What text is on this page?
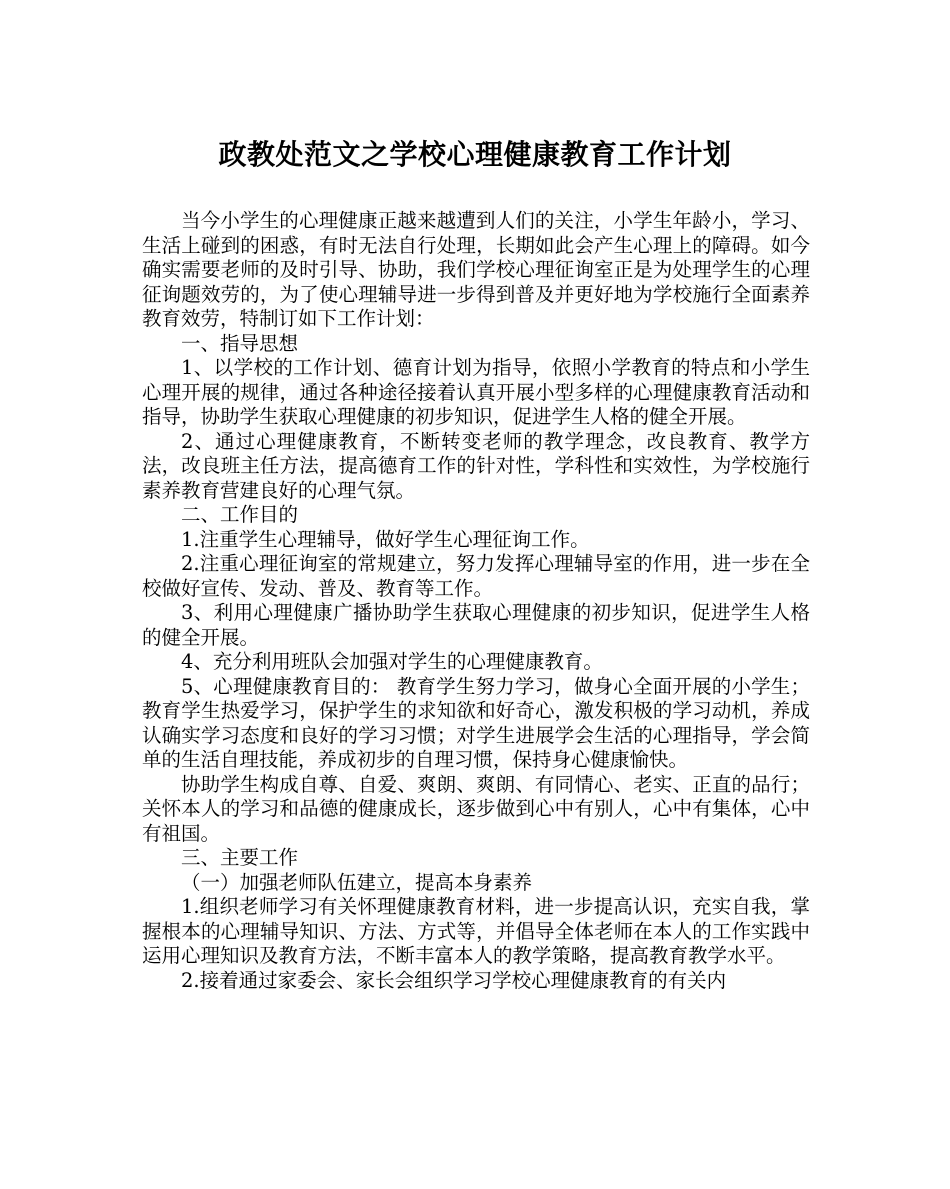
政教处范文之学校心理健康教育工作计划

当今小学生的心理健康正越来越遭到人们的关注，小学生年龄小，学习、生活上碰到的困惑，有时无法自行处理，长期如此会产生心理上的障碍。如今确实需要老师的及时引导、协助，我们学校心理征询室正是为处理学生的心理征询题效劳的，为了使心理辅导进一步得到普及并更好地为学校施行全面素养教育效劳，特制订如下工作计划：

一、指导思想

1、以学校的工作计划、德育计划为指导，依照小学教育的特点和小学生心理开展的规律，通过各种途径接着认真开展小型多样的心理健康教育活动和指导，协助学生获取心理健康的初步知识，促进学生人格的健全开展。

2、通过心理健康教育，不断转变老师的教学理念，改良教育、教学方法，改良班主任方法，提高德育工作的针对性，学科性和实效性，为学校施行素养教育营建良好的心理气氛。

二、工作目的

1.注重学生心理辅导，做好学生心理征询工作。

2.注重心理征询室的常规建立，努力发挥心理辅导室的作用，进一步在全校做好宣传、发动、普及、教育等工作。

3、利用心理健康广播协助学生获取心理健康的初步知识，促进学生人格的健全开展。

4、充分利用班队会加强对学生的心理健康教育。

5、心理健康教育目的： 教育学生努力学习，做身心全面开展的小学生；教育学生热爱学习，保护学生的求知欲和好奇心，激发积极的学习动机，养成认确实学习态度和良好的学习习惯；对学生进展学会生活的心理指导，学会简单的生活自理技能，养成初步的自理习惯，保持身心健康愉快。

协助学生构成自尊、自爱、爽朗、爽朗、有同情心、老实、正直的品行；关怀本人的学习和品德的健康成长，逐步做到心中有别人，心中有集体，心中有祖国。

三、主要工作

（一）加强老师队伍建立，提高本身素养

1.组织老师学习有关怀理健康教育材料，进一步提高认识，充实自我，掌握根本的心理辅导知识、方法、方式等，并倡导全体老师在本人的工作实践中运用心理知识及教育方法，不断丰富本人的教学策略，提高教育教学水平。

2.接着通过家委会、家长会组织学习学校心理健康教育的有关内
